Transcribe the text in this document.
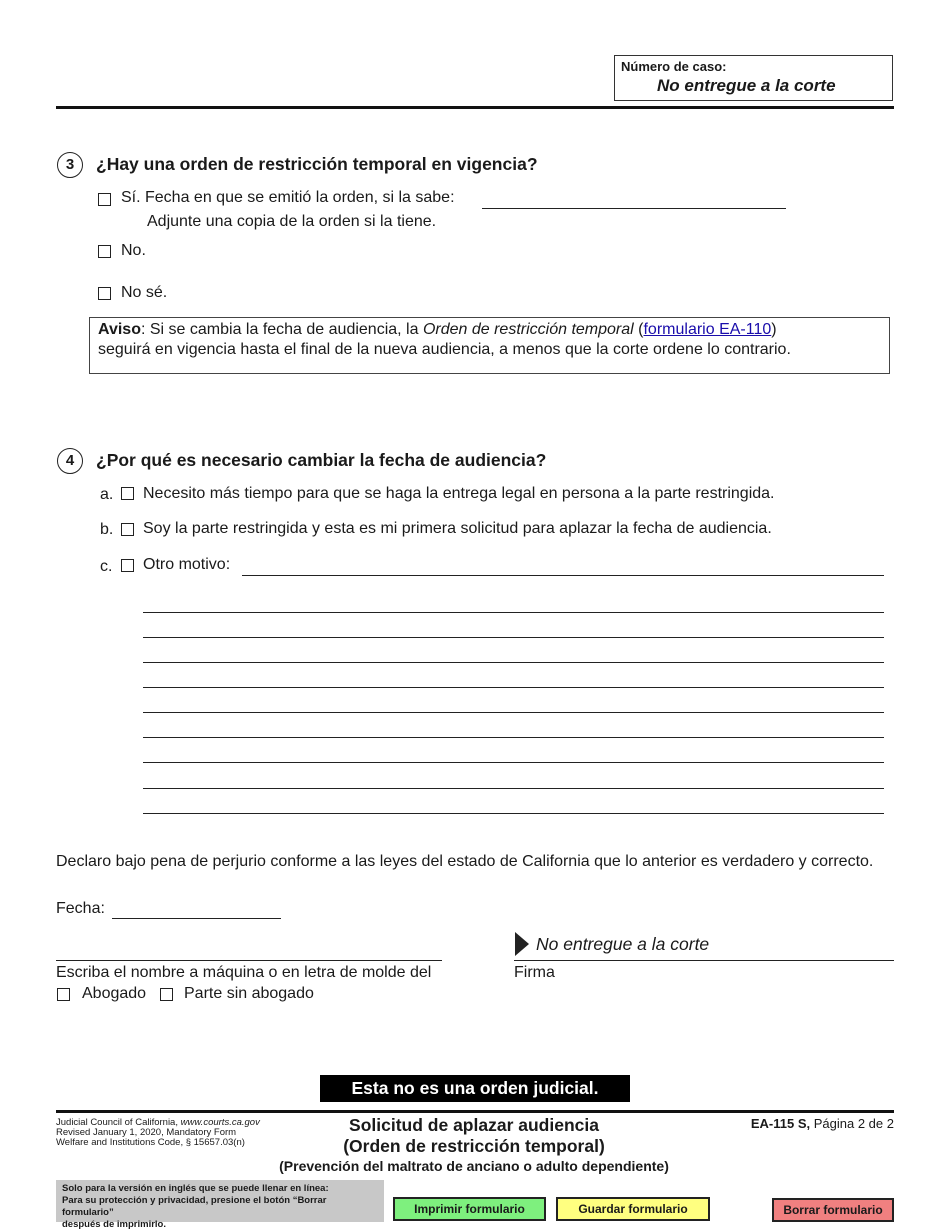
Número de caso:
No entregue a la corte
3	¿Hay una orden de restricción temporal en vigencia?
Sí. Fecha en que se emitió la orden, si la sabe:
Adjunte una copia de la orden si la tiene.
No.
No sé.
Aviso: Si se cambia la fecha de audiencia, la Orden de restricción temporal (formulario EA-110)
seguirá en vigencia hasta el final de la nueva audiencia, a menos que la corte ordene lo contrario.
4	¿Por qué es necesario cambiar la fecha de audiencia?
a. Necesito más tiempo para que se haga la entrega legal en persona a la parte restringida.
b. Soy la parte restringida y esta es mi primera solicitud para aplazar la fecha de audiencia.
c. Otro motivo:
Declaro bajo pena de perjurio conforme a las leyes del estado de California que lo anterior es verdadero y correcto.
Fecha:
Escriba el nombre a máquina o en letra de molde del
Abogado Parte sin abogado
No entregue a la corte
Firma
Esta no es una orden judicial.
Judicial Council of California, www.courts.ca.gov
Revised January 1, 2020, Mandatory Form
Welfare and Institutions Code, § 15657.03(n)
Solicitud de aplazar audiencia
(Orden de restricción temporal)
(Prevención del maltrato de anciano o adulto dependiente)
EA-115 S, Página 2 de 2
Solo para la versión en inglés que se puede llenar en línea:
Para su protección y privacidad, presione el botón “Borrar formulario”
después de imprimirlo.
Imprimir formulario	Guardar formulario	Borrar formulario
